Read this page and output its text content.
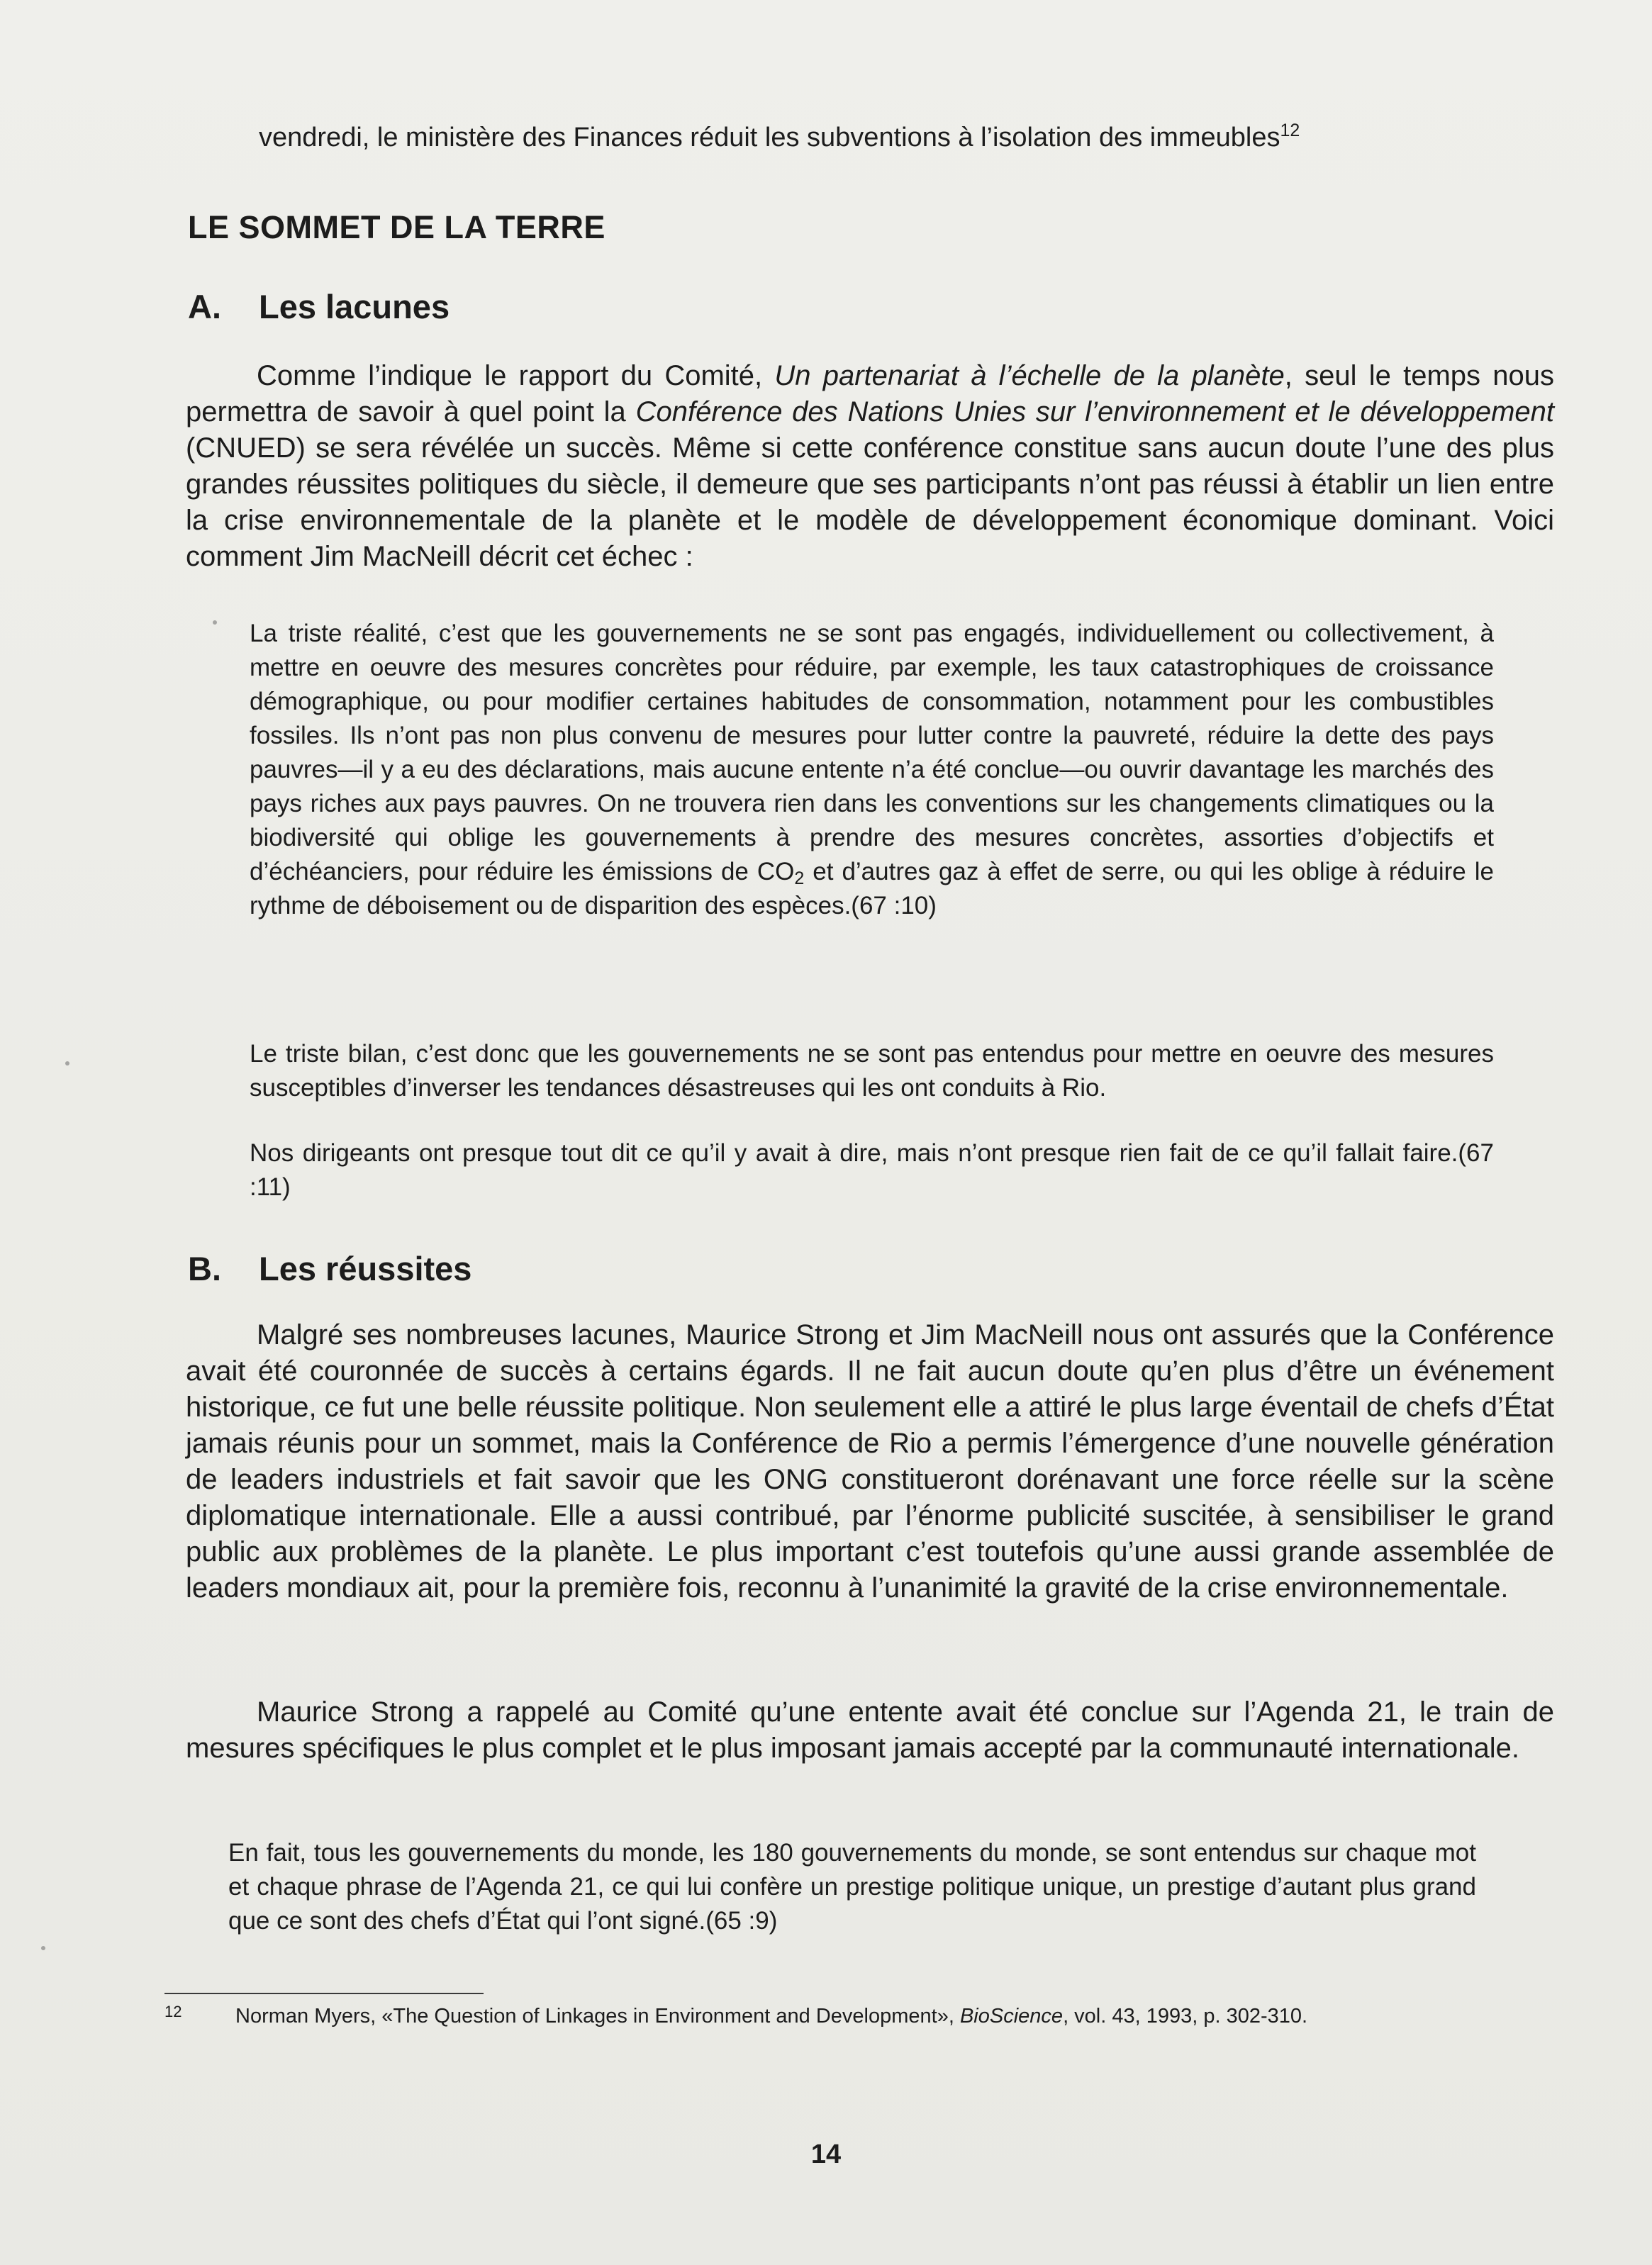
vendredi, le ministère des Finances réduit les subventions à l’isolation des immeubles$^{12}$

LE SOMMET DE LA TERRE
A. Les lacunes

Comme l’indique le rapport du Comité, Un partenariat à l’échelle de la planète, seul le temps nous permettra de savoir à quel point la Conférence des Nations Unies sur l’environnement et le développement (CNUED) se sera révélée un succès. Même si cette conférence constitue sans aucun doute l’une des plus grandes réussites politiques du siècle, il demeure que ses participants n’ont pas réussi à établir un lien entre la crise environnementale de la planète et le modèle de développement économique dominant. Voici comment Jim MacNeill décrit cet échec :

La triste réalité, c’est que les gouvernements ne se sont pas engagés, individuellement ou collectivement, à mettre en oeuvre des mesures concrètes pour réduire, par exemple, les taux catastrophiques de croissance démographique, ou pour modifier certaines habitudes de consommation, notamment pour les combustibles fossiles. Ils n’ont pas non plus convenu de mesures pour lutter contre la pauvreté, réduire la dette des pays pauvres—il y a eu des déclarations, mais aucune entente n’a été conclue—ou ouvrir davantage les marchés des pays riches aux pays pauvres. On ne trouvera rien dans les conventions sur les changements climatiques ou la biodiversité qui oblige les gouvernements à prendre des mesures concrètes, assorties d’objectifs et d’échéanciers, pour réduire les émissions de $CO_2$ et d’autres gaz à effet de serre, ou qui les oblige à réduire le rythme de déboisement ou de disparition des espèces.(67 :10)

Le triste bilan, c’est donc que les gouvernements ne se sont pas entendus pour mettre en oeuvre des mesures susceptibles d’inverser les tendances désastreuses qui les ont conduits à Rio.

Nos dirigeants ont presque tout dit ce qu’il y avait à dire, mais n’ont presque rien fait de ce qu’il fallait faire.(67 :11)

B. Les réussites

Malgré ses nombreuses lacunes, Maurice Strong et Jim MacNeill nous ont assurés que la Conférence avait été couronnée de succès à certains égards. Il ne fait aucun doute qu’en plus d’être un événement historique, ce fut une belle réussite politique. Non seulement elle a attiré le plus large éventail de chefs d’État jamais réunis pour un sommet, mais la Conférence de Rio a permis l’émergence d’une nouvelle génération de leaders industriels et fait savoir que les ONG constitueront dorénavant une force réelle sur la scène diplomatique internationale. Elle a aussi contribué, par l’énorme publicité suscitée, à sensibiliser le grand public aux problèmes de la planète. Le plus important c’est toutefois qu’une aussi grande assemblée de leaders mondiaux ait, pour la première fois, reconnu à l’unanimité la gravité de la crise environnementale.

Maurice Strong a rappelé au Comité qu’une entente avait été conclue sur l’Agenda 21, le train de mesures spécifiques le plus complet et le plus imposant jamais accepté par la communauté internationale.

En fait, tous les gouvernements du monde, les 180 gouvernements du monde, se sont entendus sur chaque mot et chaque phrase de l’Agenda 21, ce qui lui confère un prestige politique unique, un prestige d’autant plus grand que ce sont des chefs d’État qui l’ont signé.(65 :9)

12	Norman Myers, «The Question of Linkages in Environment and Development», BioScience, vol. 43, 1993, p. 302-310.

14
